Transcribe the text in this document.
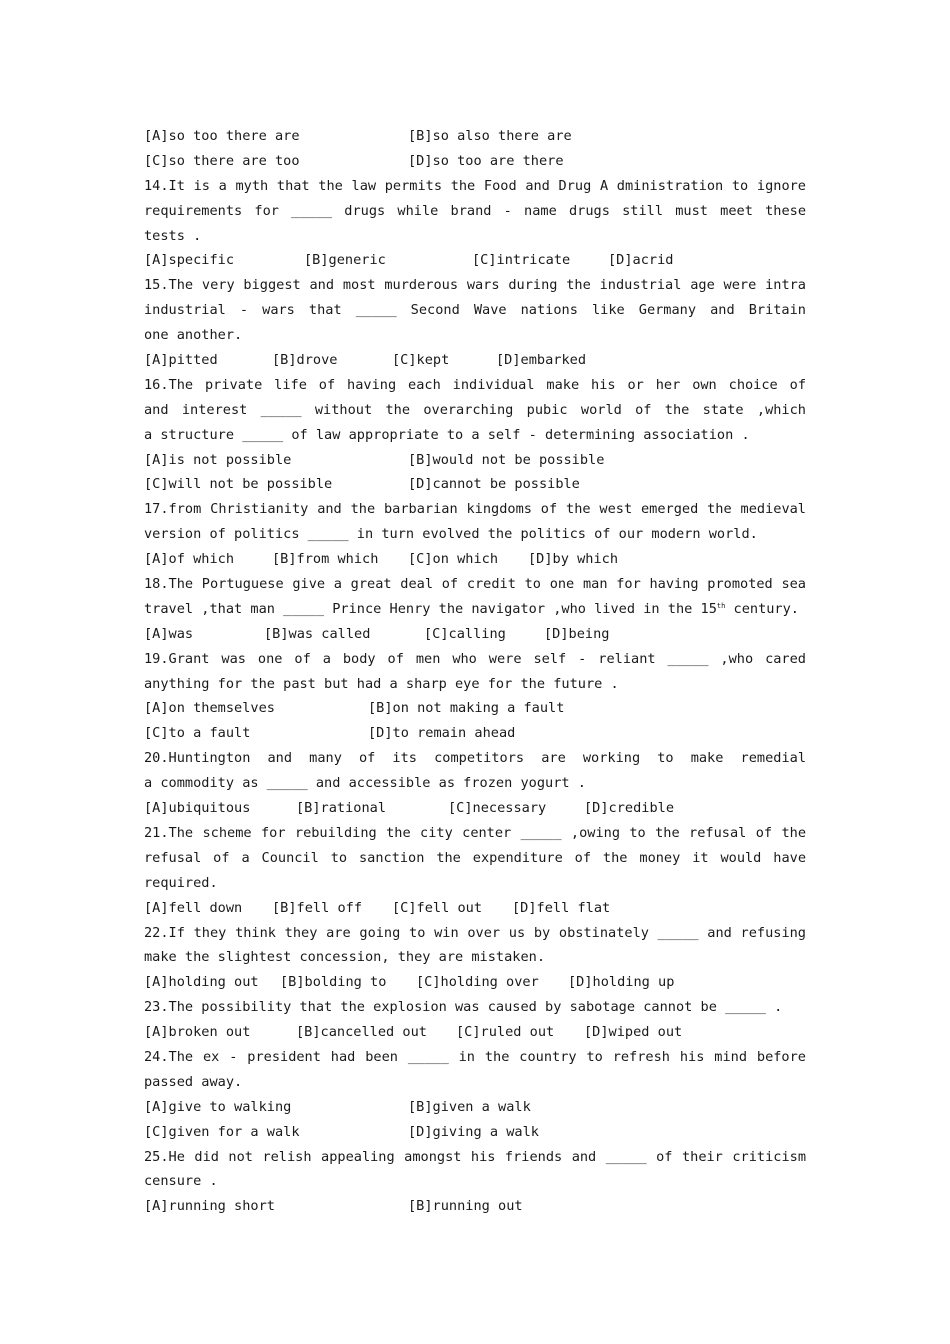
[A]so too there are	[B]so also there are
[C]so there are too	[D]so too are there
14.It is a myth that the law permits the Food and Drug A dministration to ignore
requirements for _____ drugs while brand - name drugs still must meet these
tests .
[A]specific	[B]generic	[C]intricate	[D]acrid
15.The very biggest and most murderous wars during the industrial age were intra
industrial - wars that _____ Second Wave nations like Germany and Britain
one another.
[A]pitted	[B]drove	[C]kept	[D]embarked
16.The private life of having each individual make his or her own choice of
and interest _____ without the overarching pubic world of the state ,which
a structure _____ of law appropriate to a self - determining association .
[A]is not possible	[B]would not be possible
[C]will not be possible	[D]cannot be possible
17.from Christianity and the barbarian kingdoms of the west emerged the medieval
version of politics _____ in turn evolved the politics of our modern world.
[A]of which	[B]from which	[C]on which	[D]by which
18.The Portuguese give a great deal of credit to one man for having promoted sea
travel ,that man _____ Prince Henry the navigator ,who lived in the 15th century.
[A]was	[B]was called	[C]calling	[D]being
19.Grant was one of a body of men who were self - reliant _____ ,who cared
anything for the past but had a sharp eye for the future .
[A]on themselves	[B]on not making a fault
[C]to a fault	[D]to remain ahead
20.Huntington and many of its competitors are working to make remedial
a commodity as _____ and accessible as frozen yogurt .
[A]ubiquitous	[B]rational	[C]necessary	[D]credible
21.The scheme for rebuilding the city center _____ ,owing to the refusal of the
refusal of a Council to sanction the expenditure of the money it would have
required.
[A]fell down	[B]fell off	[C]fell out	[D]fell flat
22.If they think they are going to win over us by obstinately _____ and refusing
make the slightest concession, they are mistaken.
[A]holding out	[B]bolding to	[C]holding over	[D]holding up
23.The possibility that the explosion was caused by sabotage cannot be _____ .
[A]broken out	[B]cancelled out	[C]ruled out	[D]wiped out
24.The ex - president had been _____ in the country to refresh his mind before
passed away.
[A]give to walking	[B]given a walk
[C]given for a walk	[D]giving a walk
25.He did not relish appealing amongst his friends and _____ of their criticism
censure .
[A]running short	[B]running out
